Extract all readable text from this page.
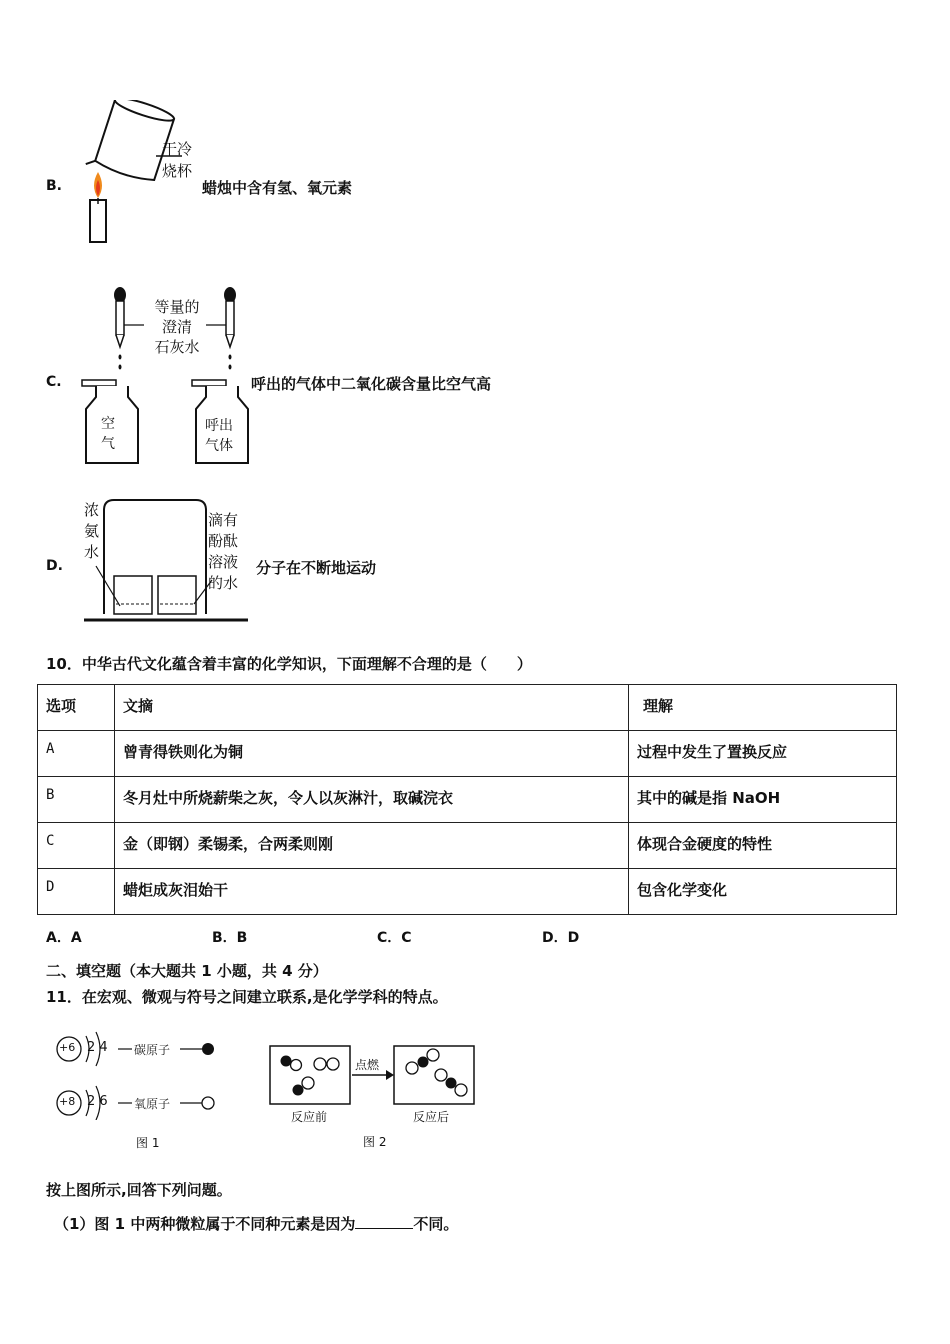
B.
干冷
烧杯
蜡烛中含有氢、氧元素
C.
等量的
澄清
石灰水
空
气
呼出
气体
呼出的气体中二氧化碳含量比空气高
D.
浓
氨
水
滴有
酚酞
溶液
的水
分子在不断地运动
10．中华古代文化蕴含着丰富的化学知识，下面理解不合理的是（　　）
选项	文摘	理解
A	曾青得铁则化为铜	过程中发生了置换反应
B	冬月灶中所烧薪柴之灰，令人以灰淋汁，取碱浣衣	其中的碱是指 NaOH
C	金（即钢）柔锡柔，合两柔则刚	体现合金硬度的特性
D	蜡炬成灰泪始干	包含化学变化
A．A	B．B	C．C	D．D
二、填空题（本大题共 1 小题，共 4 分）
11．在宏观、微观与符号之间建立联系,是化学学科的特点。
+6 2 4 碳原子
+8 2 6 氧原子
图 1
点燃
反应前	反应后
图 2
按上图所示,回答下列问题。
（1）图 1 中两种微粒属于不同种元素是因为	不同。
